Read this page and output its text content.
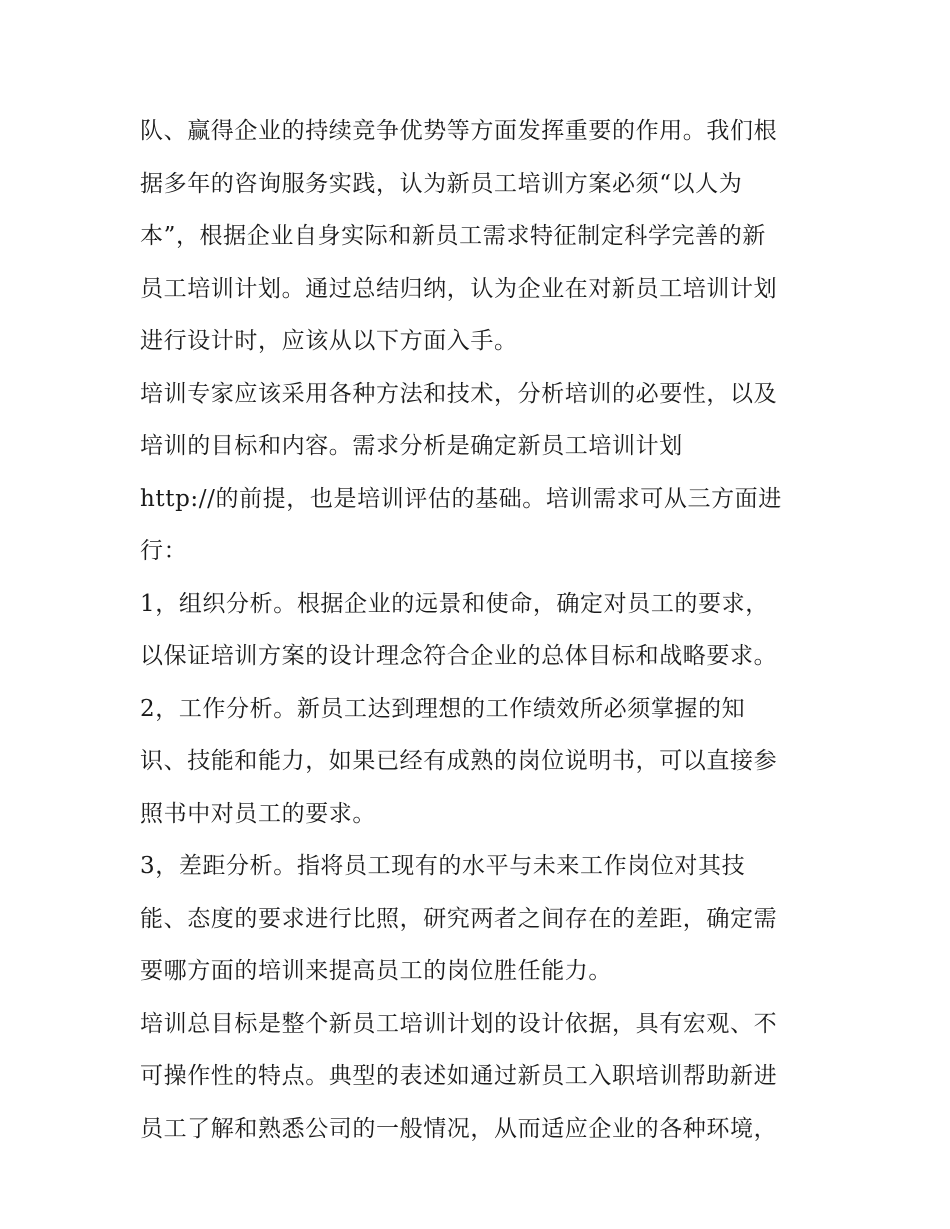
队、赢得企业的持续竞争优势等方面发挥重要的作用。我们根
据多年的咨询服务实践，认为新员工培训方案必须“以人为
本”，根据企业自身实际和新员工需求特征制定科学完善的新
员工培训计划。通过总结归纳，认为企业在对新员工培训计划
进行设计时，应该从以下方面入手。
培训专家应该采用各种方法和技术，分析培训的必要性，以及
培训的目标和内容。需求分析是确定新员工培训计划
http://的前提，也是培训评估的基础。培训需求可从三方面进
行：
1，组织分析。根据企业的远景和使命，确定对员工的要求，
以保证培训方案的设计理念符合企业的总体目标和战略要求。
2，工作分析。新员工达到理想的工作绩效所必须掌握的知
识、技能和能力，如果已经有成熟的岗位说明书，可以直接参
照书中对员工的要求。
3，差距分析。指将员工现有的水平与未来工作岗位对其技
能、态度的要求进行比照，研究两者之间存在的差距，确定需
要哪方面的培训来提高员工的岗位胜任能力。
培训总目标是整个新员工培训计划的设计依据，具有宏观、不
可操作性的特点。典型的表述如通过新员工入职培训帮助新进
员工了解和熟悉公司的一般情况，从而适应企业的各种环境，
